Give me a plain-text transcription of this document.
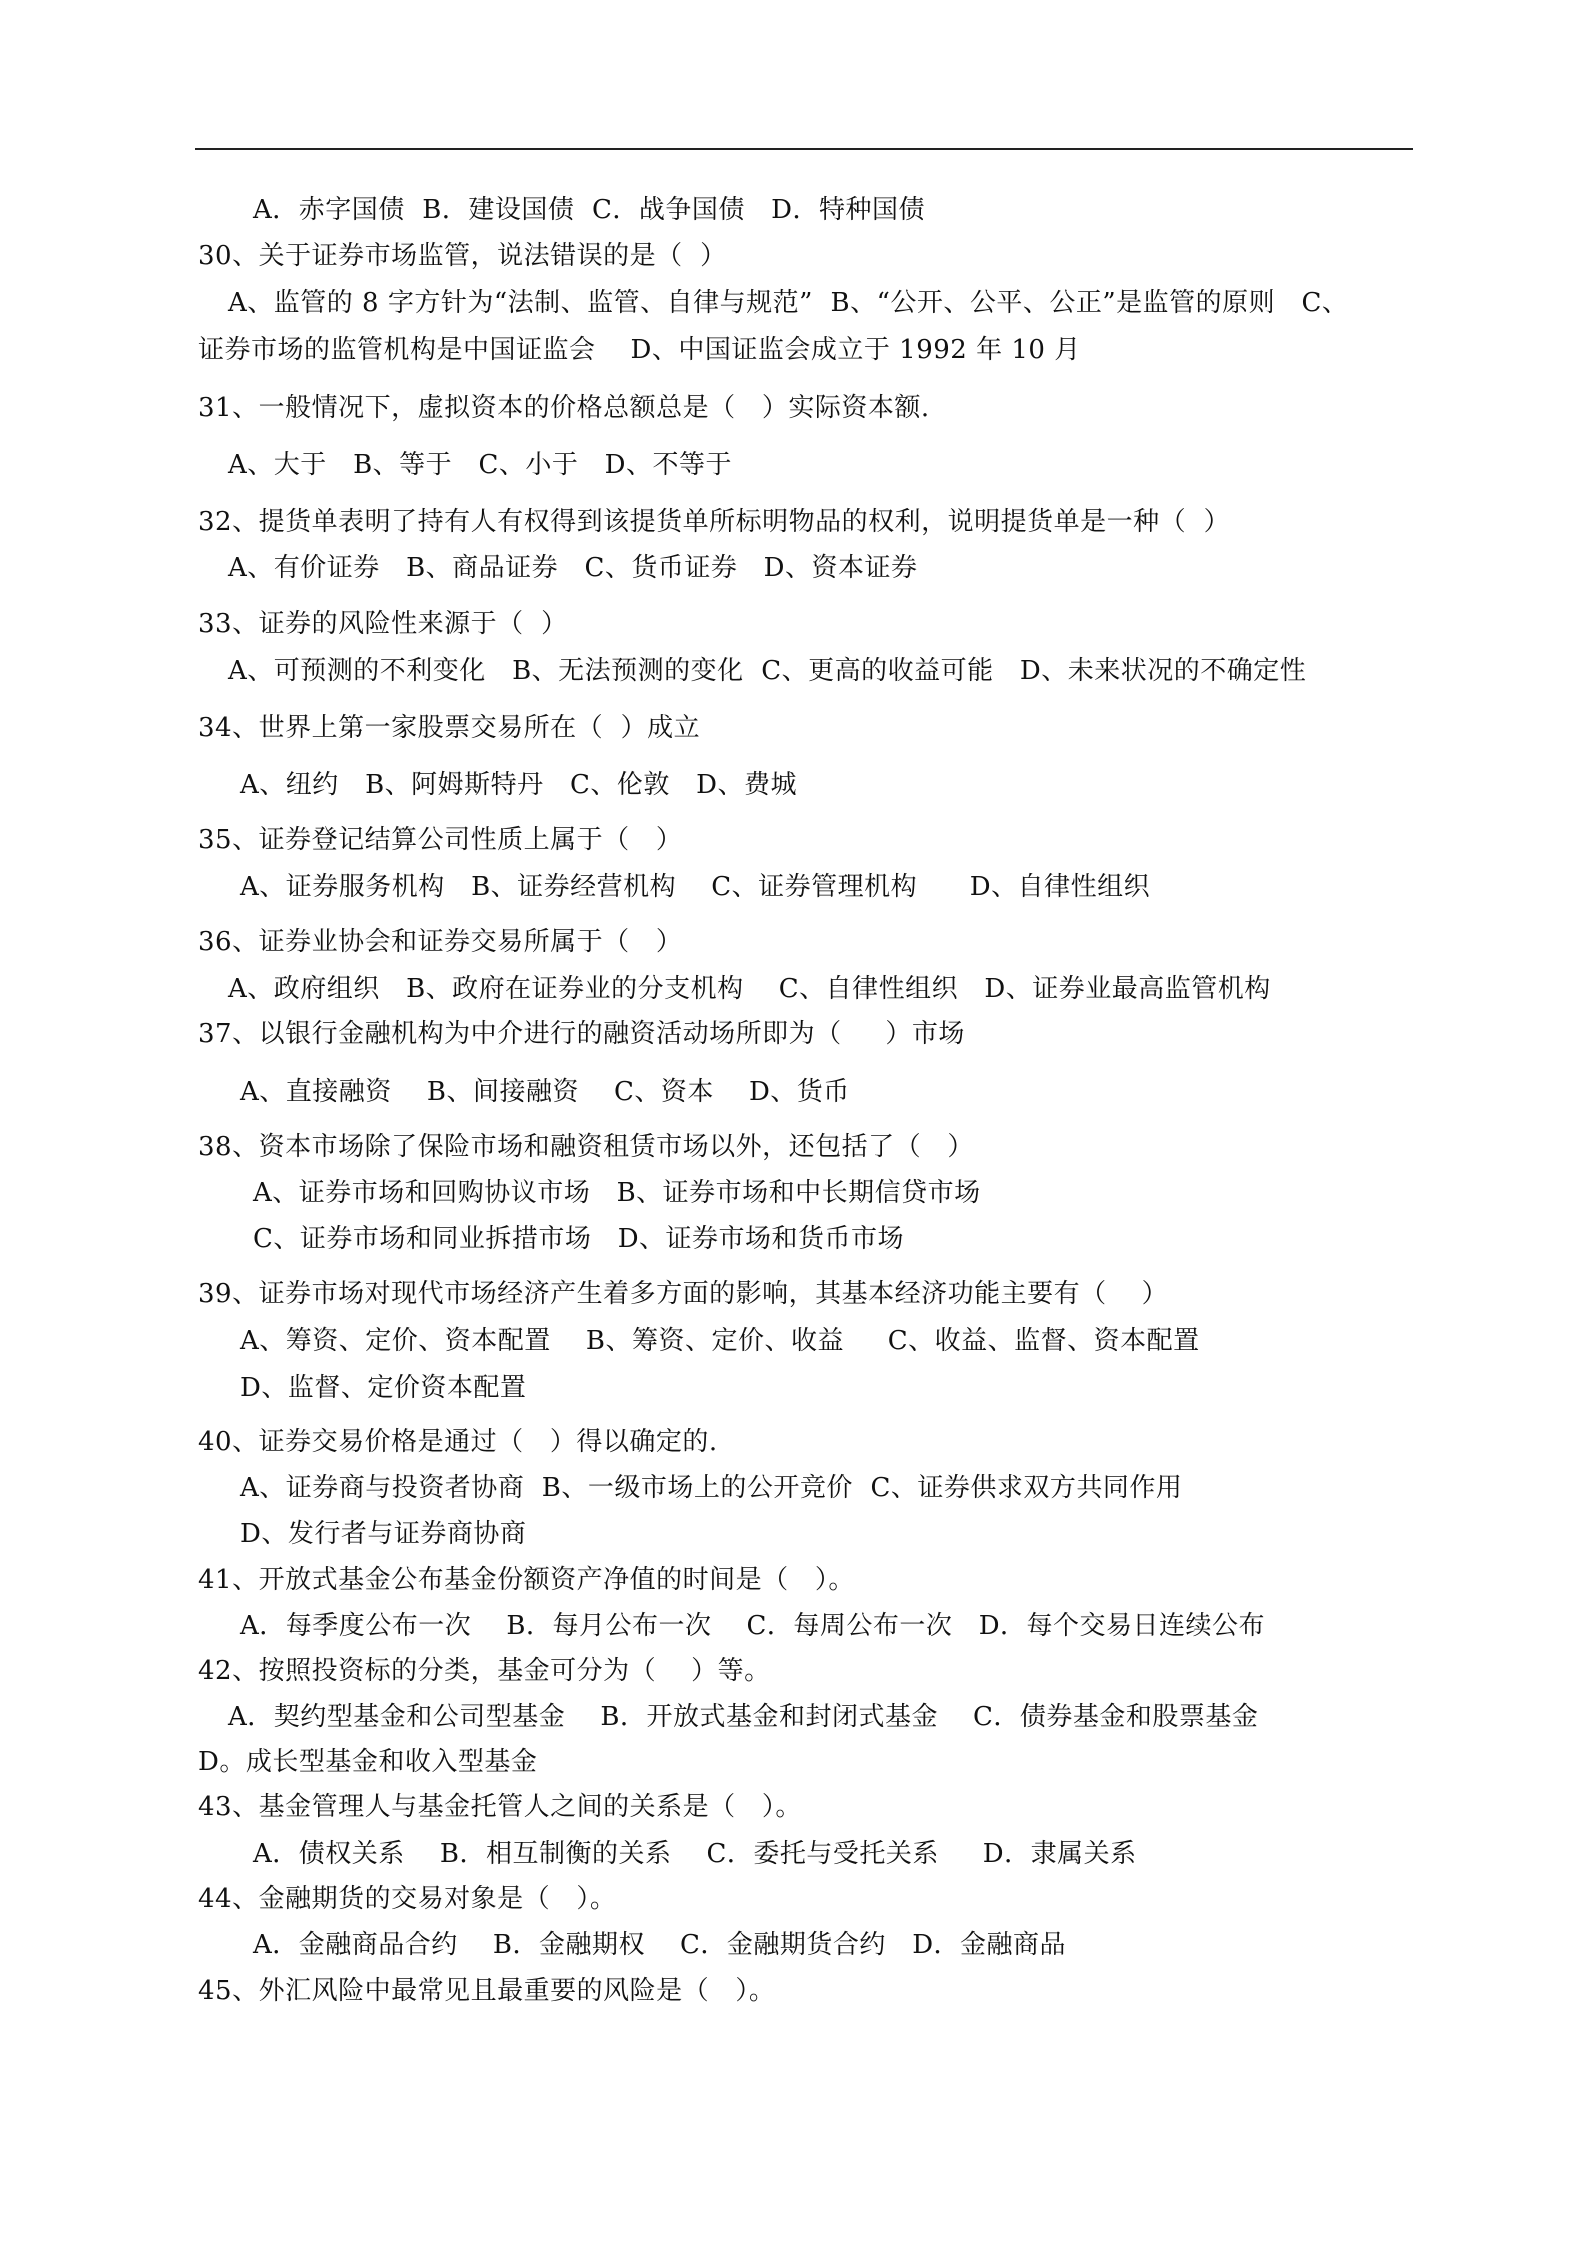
A．赤字国债  B．建设国债  C．战争国债   D．特种国债
30、关于证券市场监管，说法错误的是（  ）
A、监管的 8 字方针为“法制、监管、自律与规范”  B、“公开、公平、公正”是监管的原则   C、
证券市场的监管机构是中国证监会    D、中国证监会成立于 1992 年 10 月
31、一般情况下，虚拟资本的价格总额总是（   ）实际资本额.
A、大于   B、等于   C、小于   D、不等于
32、提货单表明了持有人有权得到该提货单所标明物品的权利，说明提货单是一种（  ）
A、有价证券   B、商品证券   C、货币证券   D、资本证券
33、证券的风险性来源于（  ）
A、可预测的不利变化   B、无法预测的变化  C、更高的收益可能   D、未来状况的不确定性
34、世界上第一家股票交易所在（  ）成立
A、纽约   B、阿姆斯特丹   C、伦敦   D、费城
35、证券登记结算公司性质上属于（   ）
A、证券服务机构   B、证券经营机构    C、证券管理机构      D、自律性组织
36、证券业协会和证券交易所属于（   ）
A、政府组织   B、政府在证券业的分支机构    C、自律性组织   D、证券业最高监管机构
37、以银行金融机构为中介进行的融资活动场所即为（     ）市场
A、直接融资    B、间接融资    C、资本    D、货币
38、资本市场除了保险市场和融资租赁市场以外，还包括了（   ）
A、证券市场和回购协议市场   B、证券市场和中长期信贷市场
C、证券市场和同业拆措市场   D、证券市场和货币市场
39、证券市场对现代市场经济产生着多方面的影响，其基本经济功能主要有（    ）
A、筹资、定价、资本配置    B、筹资、定价、收益     C、收益、监督、资本配置
D、监督、定价资本配置
40、证券交易价格是通过（   ）得以确定的.
A、证券商与投资者协商  B、一级市场上的公开竞价  C、证券供求双方共同作用
D、发行者与证券商协商
41、开放式基金公布基金份额资产净值的时间是（   ）。
A．每季度公布一次    B．每月公布一次    C．每周公布一次   D．每个交易日连续公布
42、按照投资标的分类，基金可分为（    ）等。
A．契约型基金和公司型基金    B．开放式基金和封闭式基金    C．债券基金和股票基金
D。成长型基金和收入型基金
43、基金管理人与基金托管人之间的关系是（   ）。
A．债权关系    B．相互制衡的关系    C．委托与受托关系     D．隶属关系
44、金融期货的交易对象是（   ）。
A．金融商品合约    B．金融期权    C．金融期货合约   D．金融商品
45、外汇风险中最常见且最重要的风险是（   ）。
